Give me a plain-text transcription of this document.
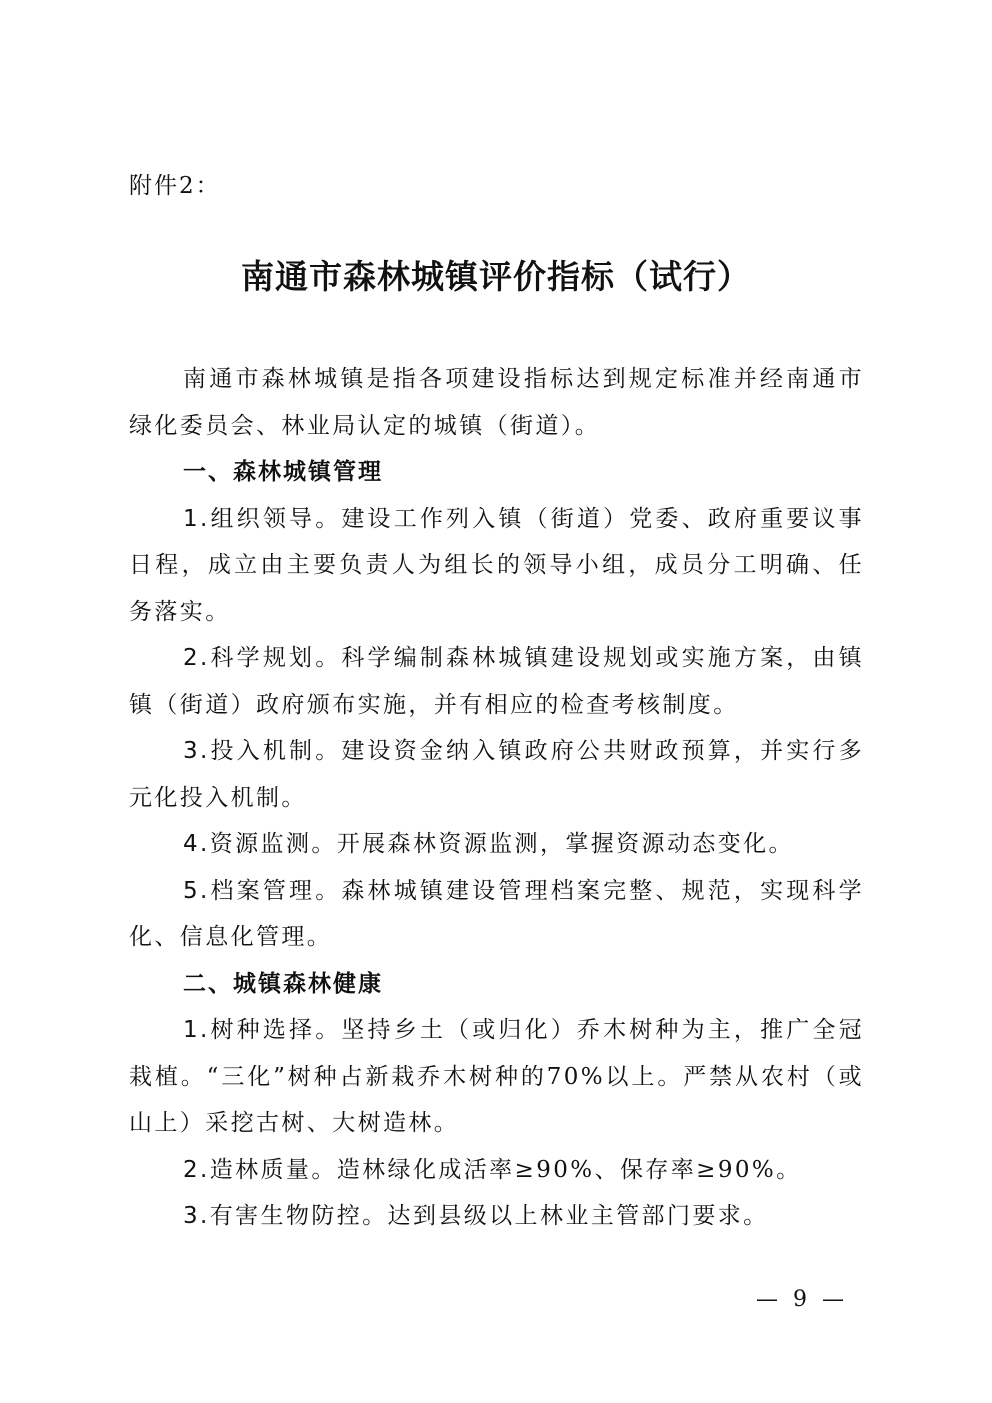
附件2：
南通市森林城镇评价指标（试行）

南通市森林城镇是指各项建设指标达到规定标准并经南通市绿化委员会、林业局认定的城镇（街道）。

一、森林城镇管理

1.组织领导。建设工作列入镇（街道）党委、政府重要议事日程，成立由主要负责人为组长的领导小组，成员分工明确、任务落实。

2.科学规划。科学编制森林城镇建设规划或实施方案，由镇镇（街道）政府颁布实施，并有相应的检查考核制度。

3.投入机制。建设资金纳入镇政府公共财政预算，并实行多元化投入机制。

4.资源监测。开展森林资源监测，掌握资源动态变化。

5.档案管理。森林城镇建设管理档案完整、规范，实现科学化、信息化管理。

二、城镇森林健康

1.树种选择。坚持乡土（或归化）乔木树种为主，推广全冠栽植。“三化”树种占新栽乔木树种的70%以上。严禁从农村（或山上）采挖古树、大树造林。

2.造林质量。造林绿化成活率≥90%、保存率≥90%。

3.有害生物防控。达到县级以上林业主管部门要求。

— 9 —
